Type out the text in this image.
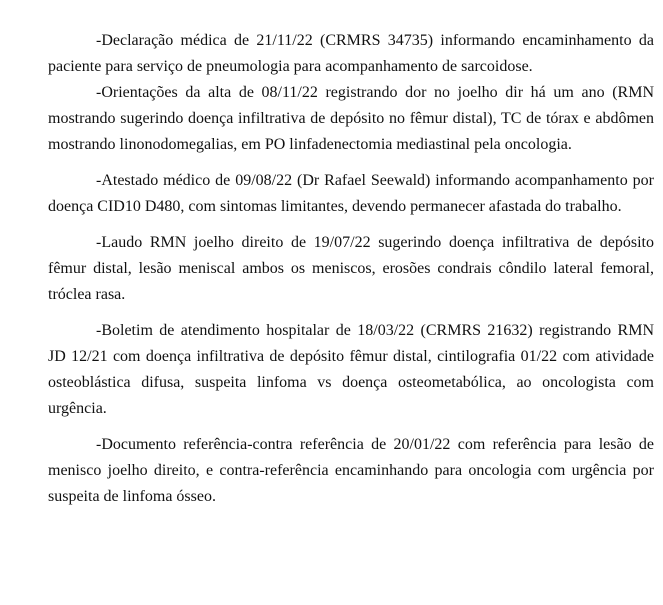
-Declaração médica de 21/11/22 (CRMRS 34735) informando encaminhamento da paciente para serviço de pneumologia para acompanhamento de sarcoidose.

-Orientações da alta de 08/11/22 registrando dor no joelho dir há um ano (RMN mostrando sugerindo doença infiltrativa de depósito no fêmur distal), TC de tórax e abdômen mostrando linonodomegalias, em PO linfadenectomia mediastinal pela oncologia.

-Atestado médico de 09/08/22 (Dr Rafael Seewald) informando acompanhamento por doença CID10 D480, com sintomas limitantes, devendo permanecer afastada do trabalho.

-Laudo RMN joelho direito de 19/07/22 sugerindo doença infiltrativa de depósito fêmur distal, lesão meniscal ambos os meniscos, erosões condrais côndilo lateral femoral, tróclea rasa.

-Boletim de atendimento hospitalar de 18/03/22 (CRMRS 21632) registrando RMN JD 12/21 com doença infiltrativa de depósito fêmur distal, cintilografia 01/22 com atividade osteoblástica difusa, suspeita linfoma vs doença osteometabólica, ao oncologista com urgência.

-Documento referência-contra referência de 20/01/22 com referência para lesão de menisco joelho direito, e contra-referência encaminhando para oncologia com urgência por suspeita de linfoma ósseo.
